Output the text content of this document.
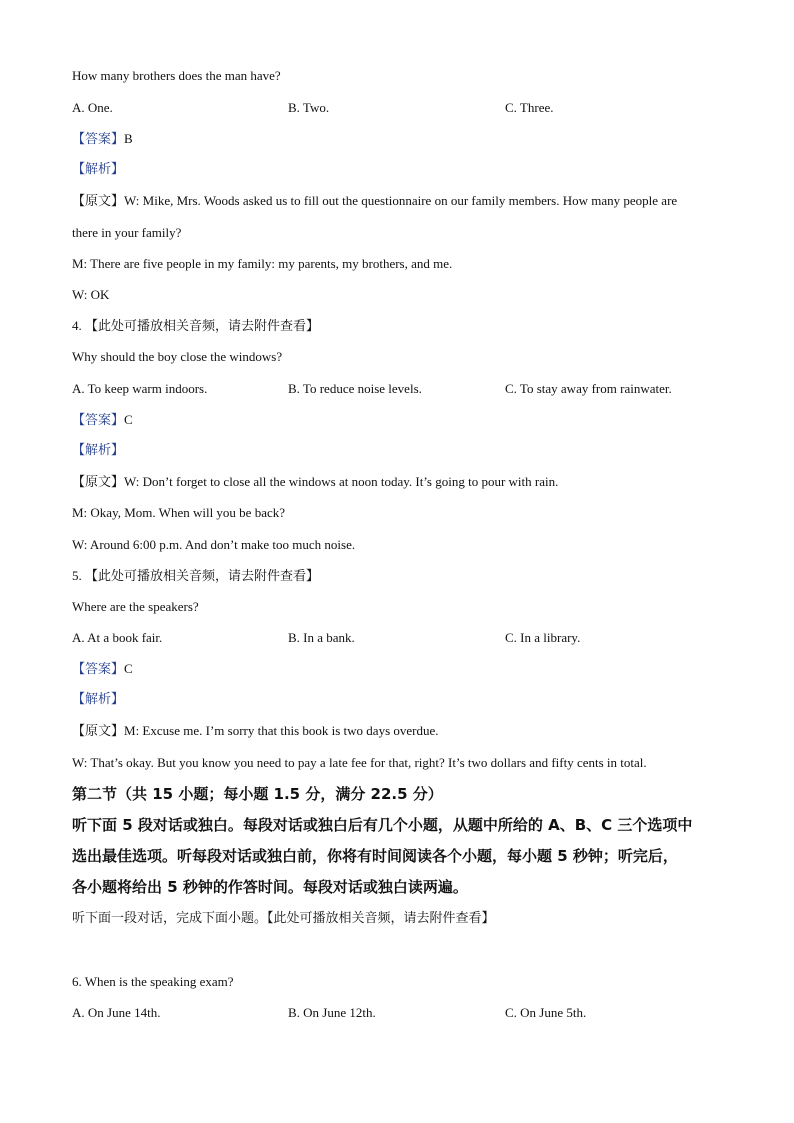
How many brothers does the man have?
A. One.	B. Two.	C. Three.
【答案】B
【解析】
【原文】W: Mike, Mrs. Woods asked us to fill out the questionnaire on our family members. How many people are
there in your family?
M: There are five people in my family: my parents, my brothers, and me.
W: OK
4. 【此处可播放相关音频，请去附件查看】
Why should the boy close the windows?
A. To keep warm indoors.	B. To reduce noise levels.	C. To stay away from rainwater.
【答案】C
【解析】
【原文】W: Don’t forget to close all the windows at noon today. It’s going to pour with rain.
M: Okay, Mom. When will you be back?
W: Around 6:00 p.m. And don’t make too much noise.
5. 【此处可播放相关音频，请去附件查看】
Where are the speakers?
A. At a book fair.	B. In a bank.	C. In a library.
【答案】C
【解析】
【原文】M: Excuse me. I’m sorry that this book is two days overdue.
W: That’s okay. But you know you need to pay a late fee for that, right? It’s two dollars and fifty cents in total.
第二节（共 15 小题；每小题 1.5 分，满分 22.5 分）
听下面 5 段对话或独白。每段对话或独白后有几个小题，从题中所给的 A、B、C 三个选项中
选出最佳选项。听每段对话或独白前，你将有时间阅读各个小题，每小题 5 秒钟；听完后，
各小题将给出 5 秒钟的作答时间。每段对话或独白读两遍。
听下面一段对话，完成下面小题。【此处可播放相关音频，请去附件查看】
6. When is the speaking exam?
A. On June 14th.	B. On June 12th.	C. On June 5th.
